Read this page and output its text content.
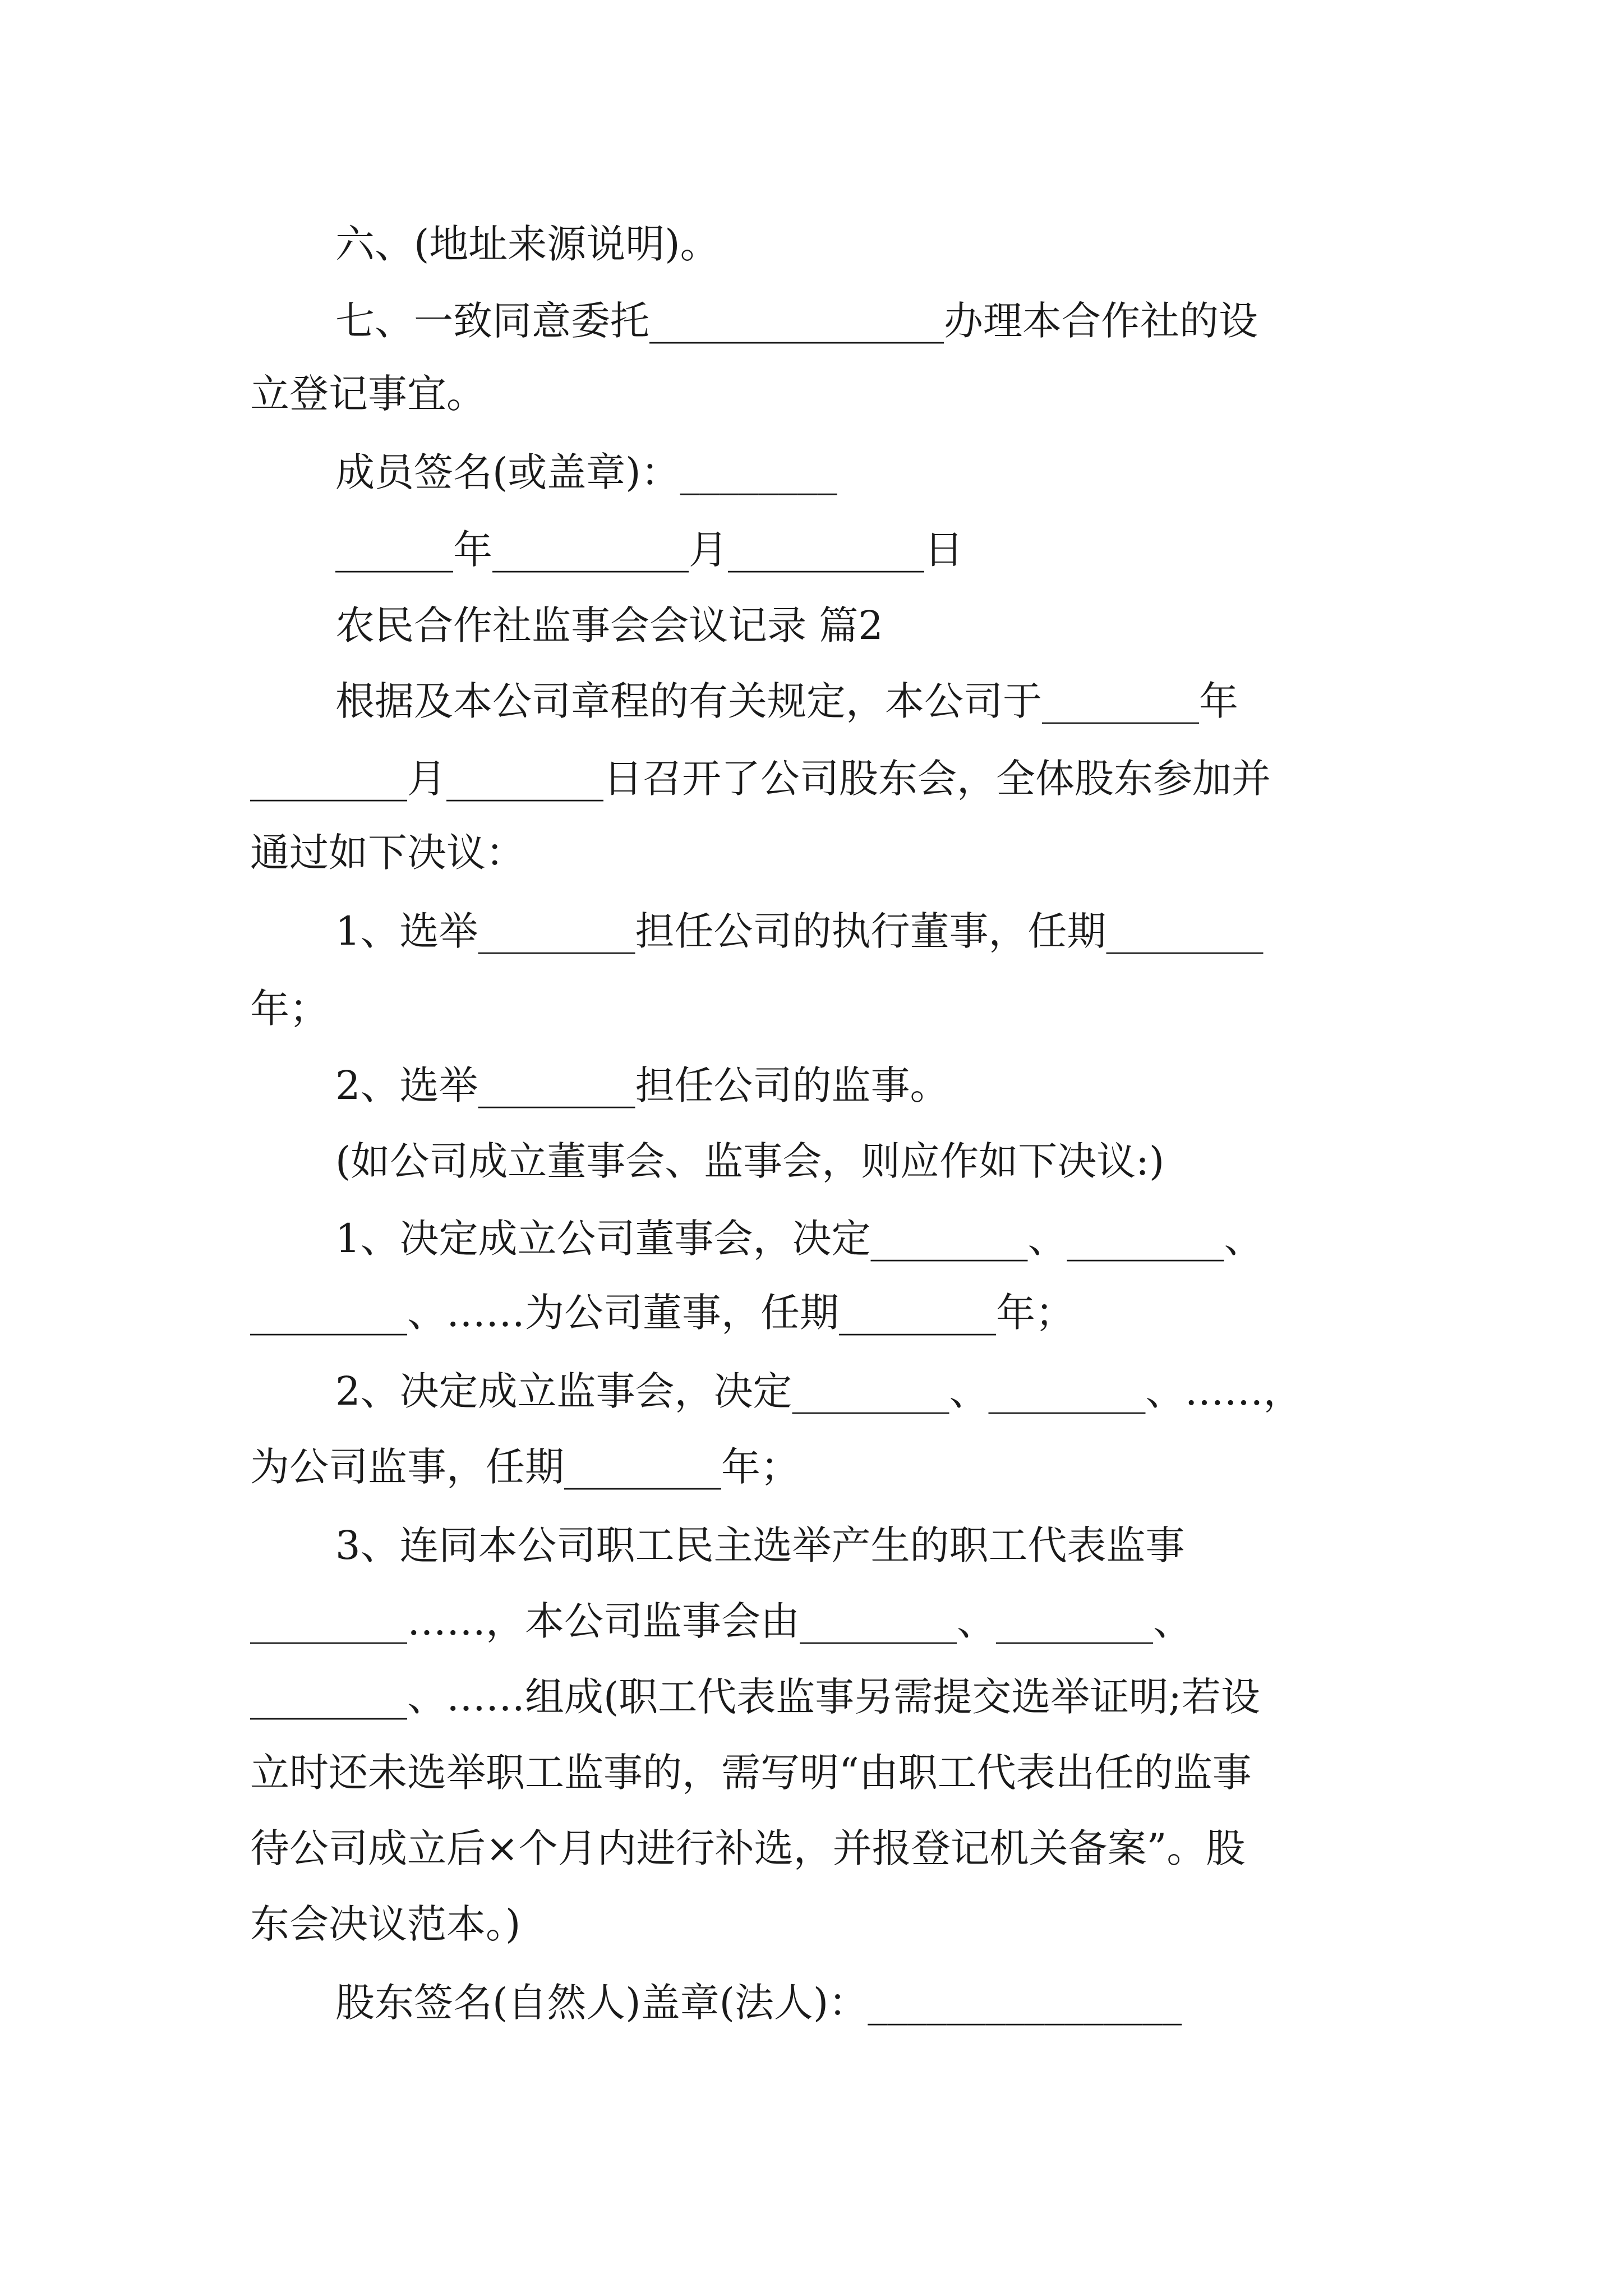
六、(地址来源说明)。
七、一致同意委托_______________办理本合作社的设
立登记事宜。
成员签名(或盖章)：________
______年__________月__________日
农民合作社监事会会议记录 篇2
根据及本公司章程的有关规定，本公司于________年
________月________日召开了公司股东会，全体股东参加并
通过如下决议：
1、选举________担任公司的执行董事，任期________
年；
2、选举________担任公司的监事。
(如公司成立董事会、监事会，则应作如下决议:)
1、决定成立公司董事会，决定________、________、
________、……为公司董事，任期________年；
2、决定成立监事会，决定________、________、……，
为公司监事，任期________年；
3、连同本公司职工民主选举产生的职工代表监事
________……，本公司监事会由________、________、
________、……组成(职工代表监事另需提交选举证明;若设
立时还未选举职工监事的，需写明“由职工代表出任的监事
待公司成立后×个月内进行补选，并报登记机关备案”。股
东会决议范本。)
股东签名(自然人)盖章(法人)：________________
